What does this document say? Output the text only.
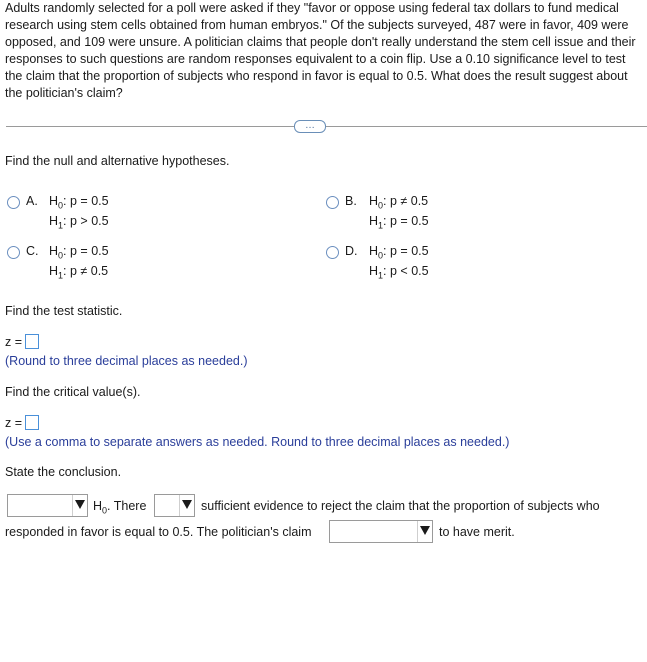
Adults randomly selected for a poll were asked if they "favor or oppose using federal tax dollars to fund medical research using stem cells obtained from human embryos." Of the subjects surveyed, 487 were in favor, 409 were opposed, and 109 were unsure. A politician claims that people don't really understand the stem cell issue and their responses to such questions are random responses equivalent to a coin flip. Use a 0.10 significance level to test the claim that the proportion of subjects who respond in favor is equal to 0.5. What does the result suggest about the politician's claim?
…
Find the null and alternative hypotheses.
A. $H_0$: p = 0.5
$H_1$: p > 0.5
B. $H_0$: p ≠ 0.5
$H_1$: p = 0.5
C. $H_0$: p = 0.5
$H_1$: p ≠ 0.5
D. $H_0$: p = 0.5
$H_1$: p < 0.5
Find the test statistic.
z =
(Round to three decimal places as needed.)
Find the critical value(s).
z =
(Use a comma to separate answers as needed. Round to three decimal places as needed.)
State the conclusion.
$H_0$. There	sufficient evidence to reject the claim that the proportion of subjects who
responded in favor is equal to 0.5. The politician's claim	to have merit.
